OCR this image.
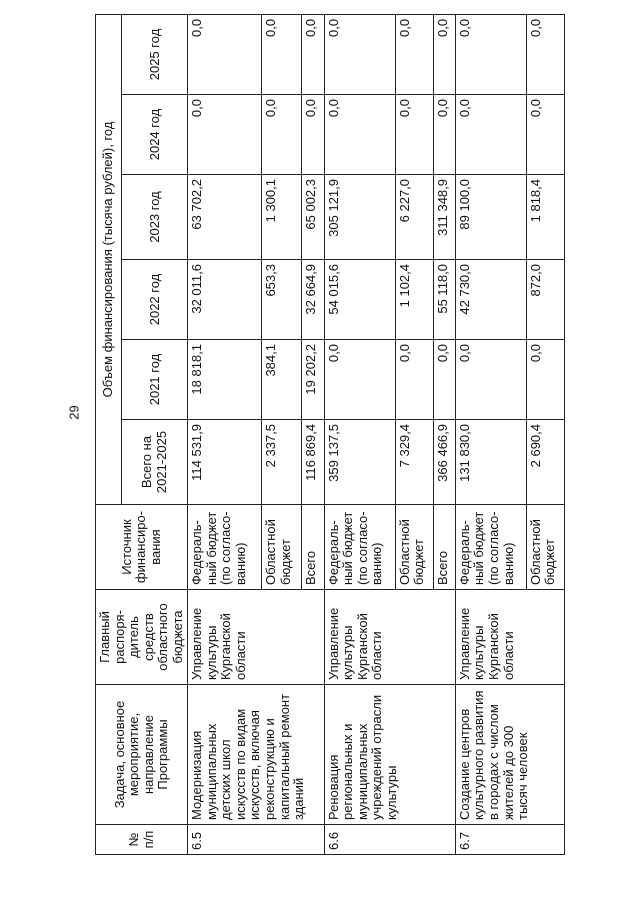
29
№ п/п	Задача, основное мероприятие, направление Программы	Главный распоря-дитель средств областного бюджета	Источник финансиро-вания	Объем финансирования (тысяча рублей), год					
				Всего на 2021-2025	2021 год	2022 год	2023 год	2024 год	2025 год
6.5	Модернизация муниципальных детских школ искусств по видам искусств, включая реконструкцию и капитальный ремонт зданий	Управление культуры Курганской области	Федераль-ный бюджет (по согласо-ванию)	114 531,9	18 818,1	32 011,6	63 702,2	0,0	0,0
			Областной бюджет	2 337,5	384,1	653,3	1 300,1	0,0	0,0
			Всего	116 869,4	19 202,2	32 664,9	65 002,3	0,0	0,0
6.6	Реновация региональных и муниципальных учреждений отрасли культуры	Управление культуры Курганской области	Федераль-ный бюджет (по согласо-ванию)	359 137,5	0,0	54 015,6	305 121,9	0,0	0,0
			Областной бюджет	7 329,4	0,0	1 102,4	6 227,0	0,0	0,0
			Всего	366 466,9	0,0	55 118,0	311 348,9	0,0	0,0
6.7	Создание центров культурного развития в городах с числом жителей до 300 тысяч человек	Управление культуры Курганской области	Федераль-ный бюджет (по согласо-ванию)	131 830,0	0,0	42 730,0	89 100,0	0,0	0,0
			Областной бюджет	2 690,4	0,0	872,0	1 818,4	0,0	0,0
